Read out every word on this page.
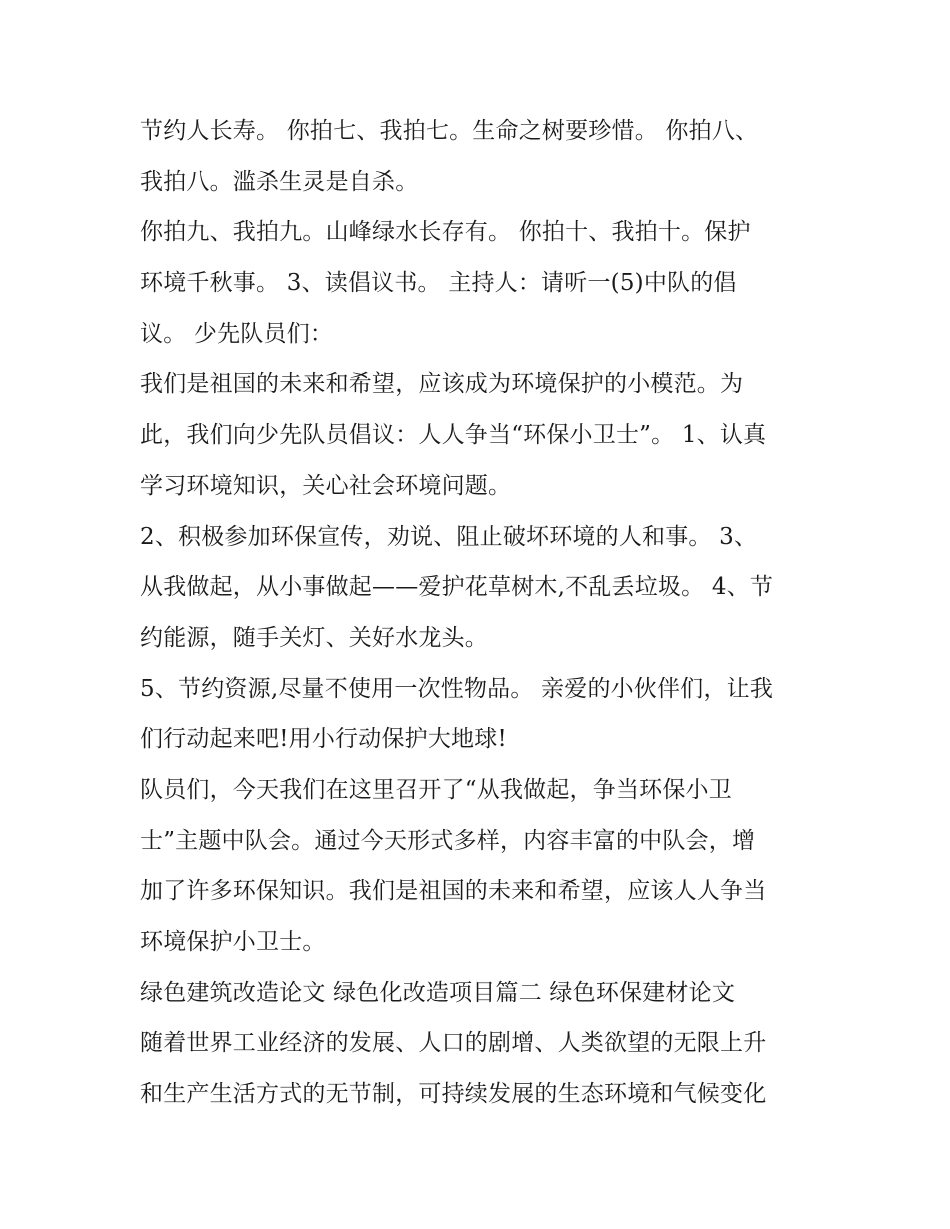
节约人长寿。 你拍七、我拍七。生命之树要珍惜。 你拍八、
我拍八。滥杀生灵是自杀。
你拍九、我拍九。山峰绿水长存有。 你拍十、我拍十。保护
环境千秋事。 3、读倡议书。 主持人：请听一(5)中队的倡
议。 少先队员们：
我们是祖国的未来和希望，应该成为环境保护的小模范。为
此，我们向少先队员倡议：人人争当“环保小卫士”。 1、认真
学习环境知识，关心社会环境问题。
2、积极参加环保宣传，劝说、阻止破坏环境的人和事。 3、
从我做起，从小事做起——爱护花草树木,不乱丢垃圾。 4、节
约能源，随手关灯、关好水龙头。
5、节约资源,尽量不使用一次性物品。 亲爱的小伙伴们，让我
们行动起来吧!用小行动保护大地球!
队员们，今天我们在这里召开了“从我做起，争当环保小卫
士”主题中队会。通过今天形式多样，内容丰富的中队会，增
加了许多环保知识。我们是祖国的未来和希望，应该人人争当
环境保护小卫士。
绿色建筑改造论文 绿色化改造项目篇二 绿色环保建材论文
随着世界工业经济的发展、人口的剧增、人类欲望的无限上升
和生产生活方式的无节制，可持续发展的生态环境和气候变化
